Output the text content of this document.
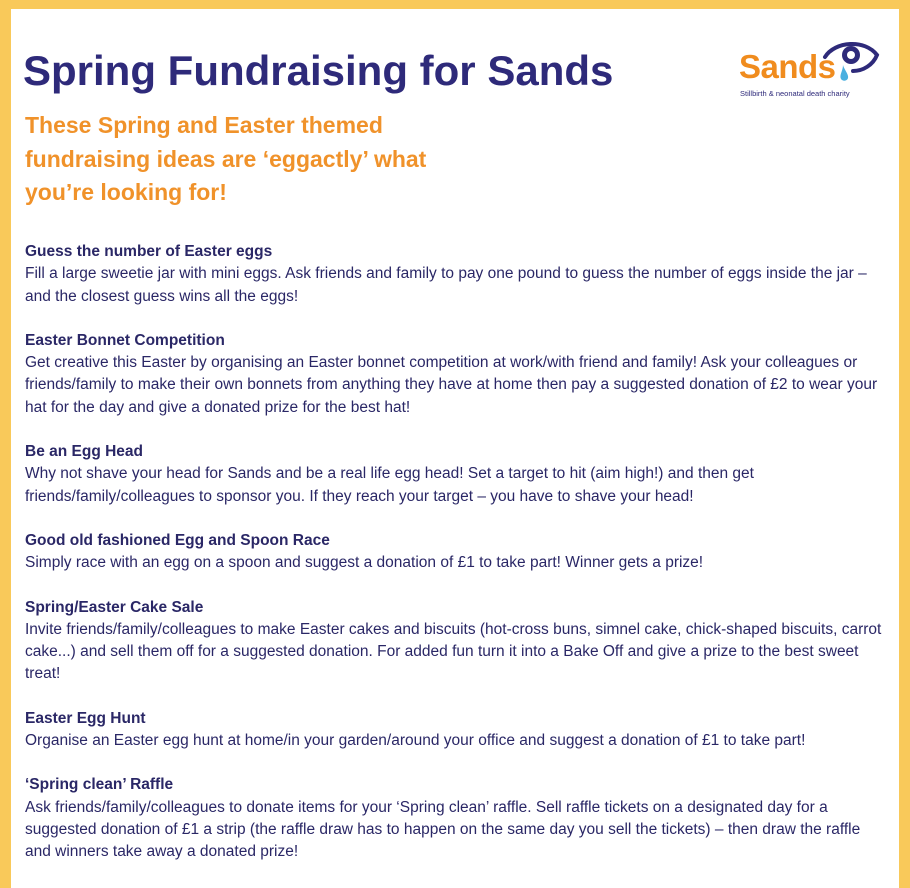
Spring Fundraising for Sands	Sands
Stillbirth & neonatal death charity

These Spring and Easter themed fundraising ideas are ‘eggactly’ what you’re looking for!

Guess the number of Easter eggs
Fill a large sweetie jar with mini eggs. Ask friends and family to pay one pound to guess the number of eggs inside the jar – and the closest guess wins all the eggs!
Easter Bonnet Competition
Get creative this Easter by organising an Easter bonnet competition at work/with friend and family! Ask your colleagues or friends/family to make their own bonnets from anything they have at home then pay a suggested donation of £2 to wear your hat for the day and give a donated prize for the best hat!
Be an Egg Head
Why not shave your head for Sands and be a real life egg head! Set a target to hit (aim high!) and then get friends/family/colleagues to sponsor you. If they reach your target – you have to shave your head!
Good old fashioned Egg and Spoon Race
Simply race with an egg on a spoon and suggest a donation of £1 to take part! Winner gets a prize!
Spring/Easter Cake Sale
Invite friends/family/colleagues to make Easter cakes and biscuits (hot-cross buns, simnel cake, chick-shaped biscuits, carrot cake...) and sell them off for a suggested donation. For added fun turn it into a Bake Off and give a prize to the best sweet treat!
Easter Egg Hunt
Organise an Easter egg hunt at home/in your garden/around your office and suggest a donation of £1 to take part!
‘Spring clean’ Raffle
Ask friends/family/colleagues to donate items for your ‘Spring clean’ raffle. Sell raffle tickets on a designated day for a suggested donation of £1 a strip (the raffle draw has to happen on the same day you sell the tickets) – then draw the raffle and winners take away a donated prize!
